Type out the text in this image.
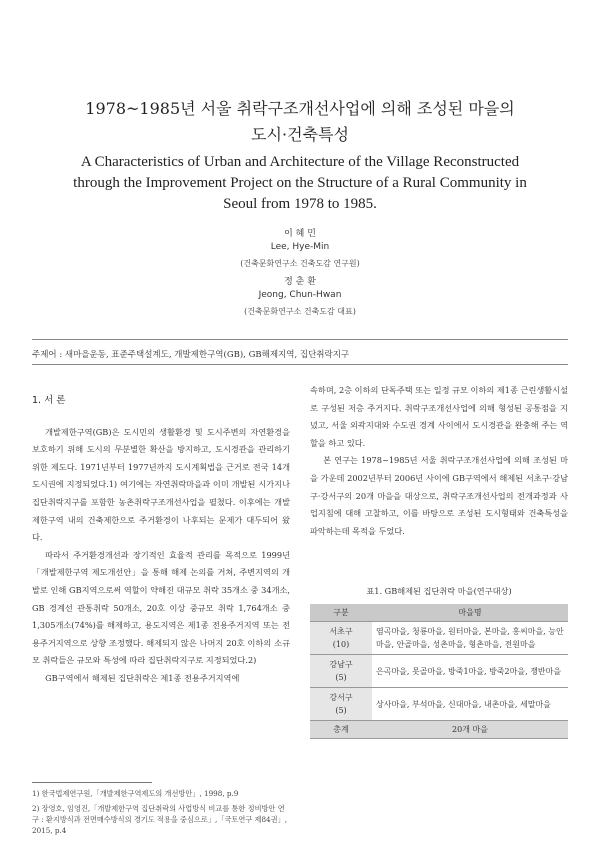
1978~1985년 서울 취락구조개선사업에 의해 조성된 마을의
도시·건축특성
A Characteristics of Urban and Architecture of the Village Reconstructed
through the Improvement Project on the Structure of a Rural Community in
Seoul from 1978 to 1985.
이 혜 민
Lee, Hye-Min
(건축문화연구소 건축도감 연구원)
정 춘 환
Jeong, Chun-Hwan
(건축문화연구소 건축도감 대표)
주제어 : 새마을운동, 표준주택설계도, 개발제한구역(GB), GB해제지역, 집단취락지구
1. 서 론

개발제한구역(GB)은 도시민의 생활환경 및 도시주변의 자연환경을 보호하기 위해 도시의 무분별한 확산을 방지하고, 도시경관을 관리하기 위한 제도다. 1971년부터 1977년까지 도시계획법을 근거로 전국 14개 도시권에 지정되었다.1) 여기에는 자연취락마을과 이미 개발된 시가지나 집단취락지구를 포함한 농촌취락구조개선사업을 펼쳤다. 이후에는 개발제한구역 내의 건축제한으로 주거환경이 나후되는 문제가 대두되어 왔다.

따라서 주거환경개선과 장기적인 효율적 관리를 목적으로 1999년「개발제한구역 제도개선안」을 통해 해제 논의를 거쳐, 주변지역의 개발로 인해 GB지역으로써 역할이 약해진 대규모 취락 35개소 중 34개소, GB 경계선 관통취락 50개소, 20호 이상 중규모 취락 1,764개소 중 1,305개소(74%)를 해제하고, 용도지역은 제1종 전용주거지역 또는 전용주거지역으로 상향 조정했다. 해제되지 않은 나머지 20호 이하의 소규모 취락들은 규모와 특성에 따라 집단취락지구로 지정되었다.2)

GB구역에서 해제된 집단취락은 제1종 전용주거지역에

1) 한국법제연구원,「개발제한구역제도의 개선방안」, 1998, p.9

2) 장영호, 임영진,「개발제한구역 집단취락의 사업방식 비교를 통한 정비방안 연구 : 환지방식과 전면매수방식의 경기도 적용을 중심으로」,「국토연구 제84권」, 2015, p.4

속하며, 2층 이하의 단독주택 또는 일정 규모 이하의 제1종 근린생활시설로 구성된 저층 주거지다. 취락구조개선사업에 의해 형성된 공통점을 지녔고, 서울 외곽지대와 수도권 경계 사이에서 도시경관을 완충해 주는 역할을 하고 있다.

본 연구는 1978~1985년 서울 취락구조개선사업에 의해 조성된 마을 가운데 2002년부터 2006년 사이에 GB구역에서 해제된 서초구·강남구·강서구의 20개 마을을 대상으로, 취락구조개선사업의 전개과정과 사업지침에 대해 고찰하고, 이를 바탕으로 조성된 도시형태와 건축특성을 파악하는데 목적을 두었다.

표1. GB해제된 집단취락 마을(연구대상)
구분	마을명
서초구
(10)	염곡마을, 청룡마을, 원터마을, 본마을, 홍씨마을, 능안마을, 안골마을, 성촌마을, 형촌마을, 전원마을
강남구
(5)	은곡마을, 못골마을, 방죽1마을, 방죽2마을, 쟁반마을
강서구
(5)	상사마을, 부석마을, 신대마을, 내촌마을, 세말마을
총계	20개 마을
